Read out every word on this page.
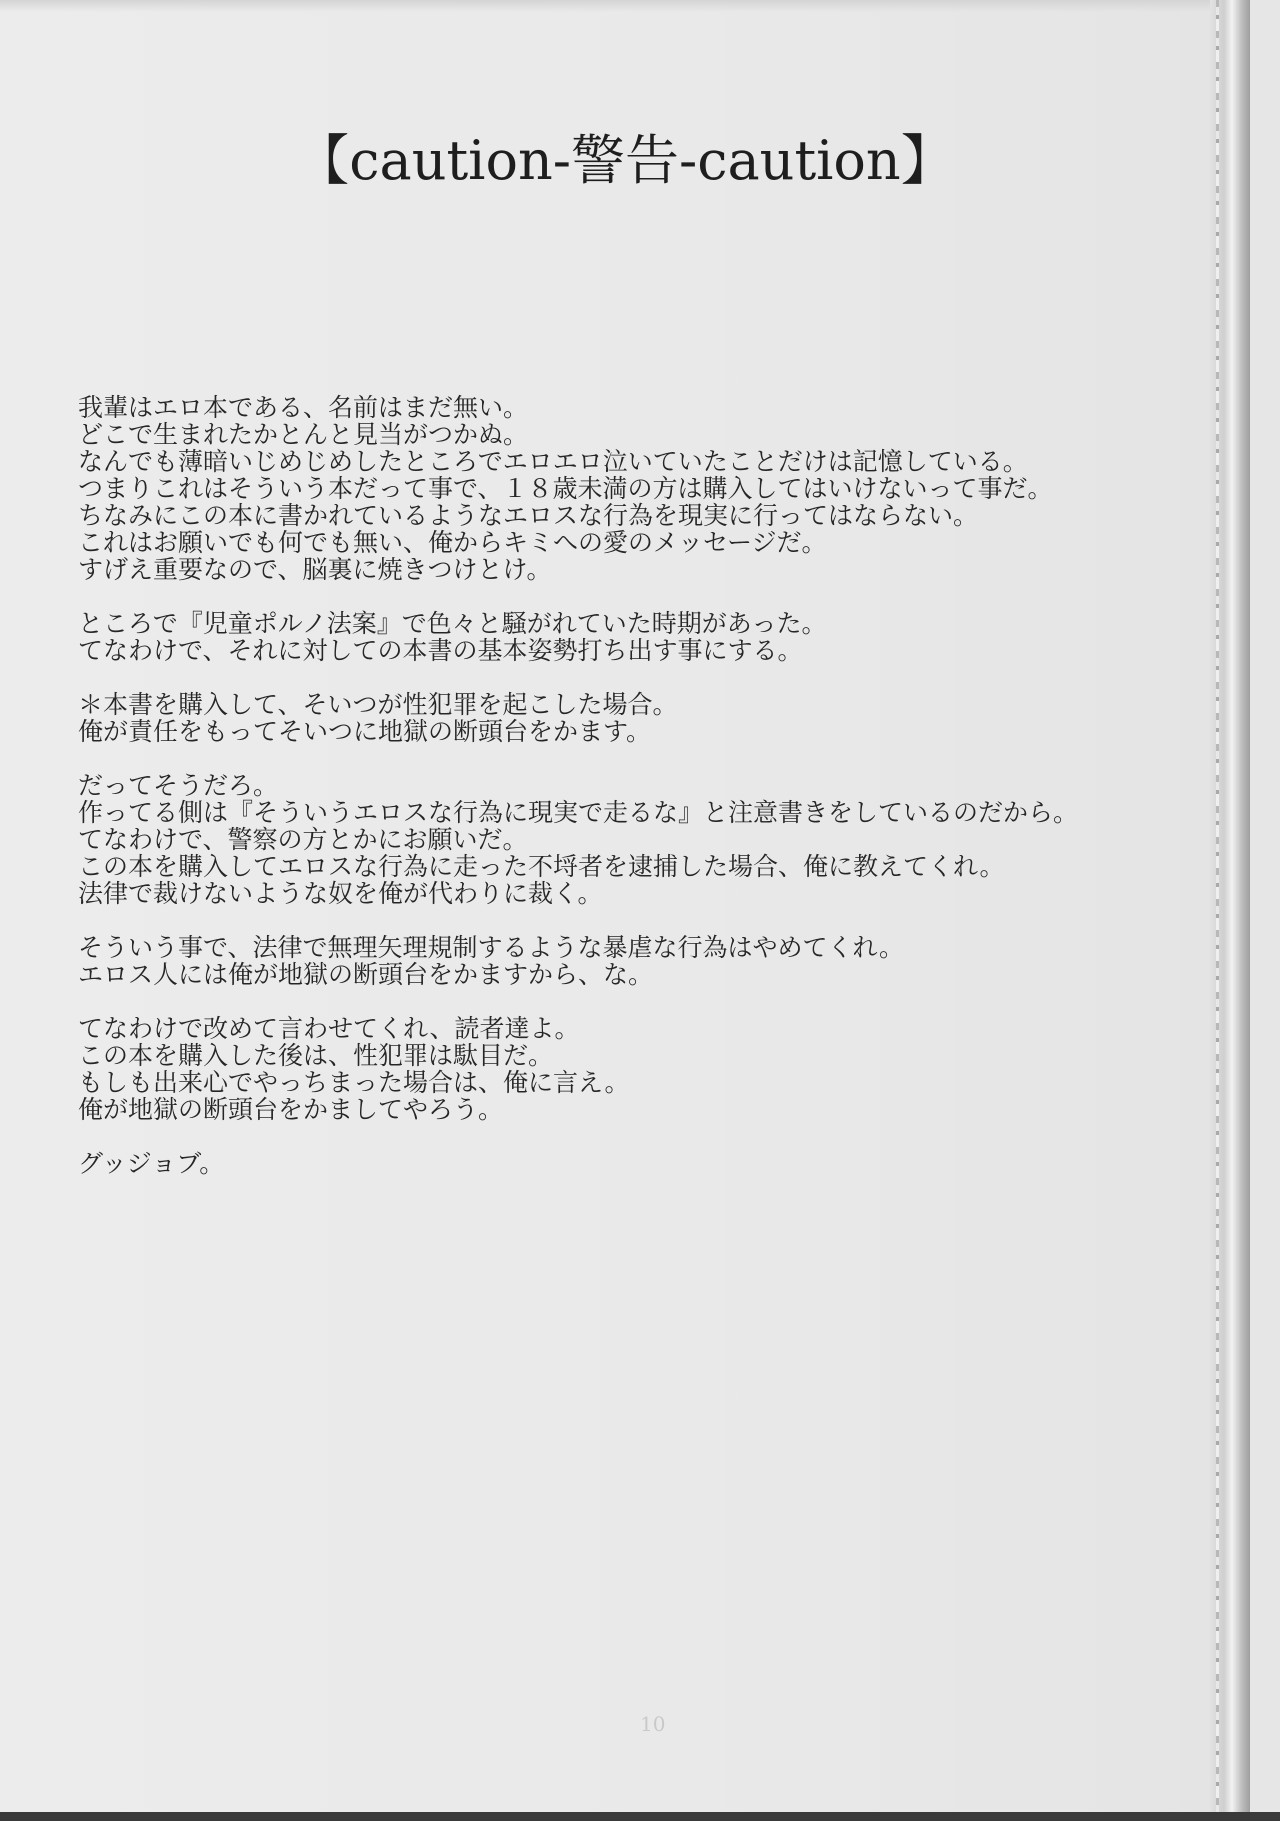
【caution-警告-caution】
我輩はエロ本である、名前はまだ無い。
どこで生まれたかとんと見当がつかぬ。
なんでも薄暗いじめじめしたところでエロエロ泣いていたことだけは記憶している。
つまりこれはそういう本だって事で、１８歳未満の方は購入してはいけないって事だ。
ちなみにこの本に書かれているようなエロスな行為を現実に行ってはならない。
これはお願いでも何でも無い、俺からキミへの愛のメッセージだ。
すげえ重要なので、脳裏に焼きつけとけ。
ところで『児童ポルノ法案』で色々と騒がれていた時期があった。
てなわけで、それに対しての本書の基本姿勢打ち出す事にする。
＊本書を購入して、そいつが性犯罪を起こした場合。
俺が責任をもってそいつに地獄の断頭台をかます。
だってそうだろ。
作ってる側は『そういうエロスな行為に現実で走るな』と注意書きをしているのだから。
てなわけで、警察の方とかにお願いだ。
この本を購入してエロスな行為に走った不埒者を逮捕した場合、俺に教えてくれ。
法律で裁けないような奴を俺が代わりに裁く。
そういう事で、法律で無理矢理規制するような暴虐な行為はやめてくれ。
エロス人には俺が地獄の断頭台をかますから、な。
てなわけで改めて言わせてくれ、読者達よ。
この本を購入した後は、性犯罪は駄目だ。
もしも出来心でやっちまった場合は、俺に言え。
俺が地獄の断頭台をかましてやろう。
グッジョブ。
10
